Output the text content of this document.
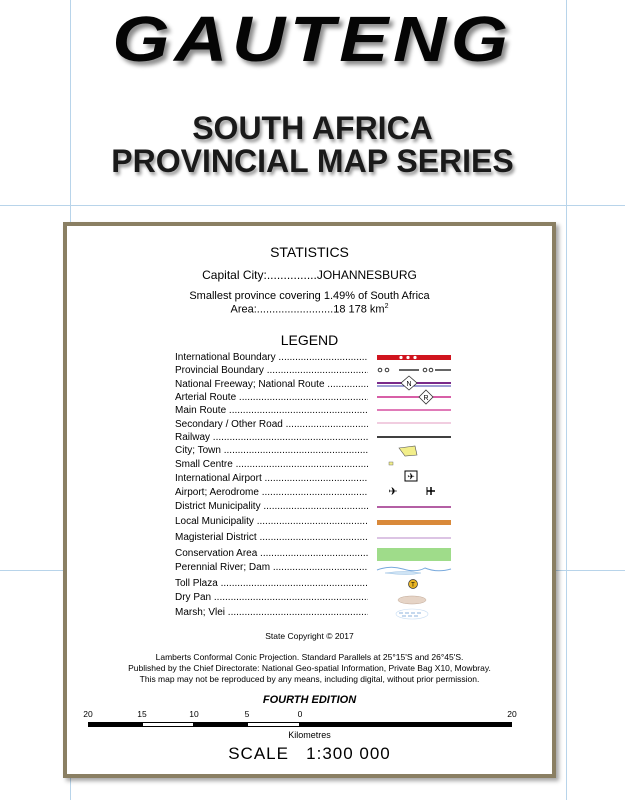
GAUTENG
SOUTH AFRICA
PROVINCIAL MAP SERIES
STATISTICS
Capital City:...............JOHANNESBURG
Smallest province covering 1.49% of South Africa
Area:.........................18 178 $km^2$
LEGEND
International Boundary .....
Provincial Boundary .....
National Freeway; National Route .....
Arterial Route .....
Main Route .....
Secondary / Other Road .....
Railway .....
City; Town .....
Small Centre .....
International Airport .....
Airport; Aerodrome .....
District Municipality .....
Local Municipality .....
Magisterial District .....
Conservation Area .....
Perennial River; Dam .....
Toll Plaza .....
Dry Pan .....
Marsh; Vlei .....
N
R
✈
✈
T
State Copyright © 2017
Lamberts Conformal Conic Projection. Standard Parallels at 25°15'S and 26°45'S.
Published by the Chief Directorate: National Geo-spatial Information, Private Bag X10, Mowbray.
This map may not be reproduced by any means, including digital, without prior permission.
FOURTH EDITION
20	15	10	5	0	20
Kilometres
SCALE   1:300 000
